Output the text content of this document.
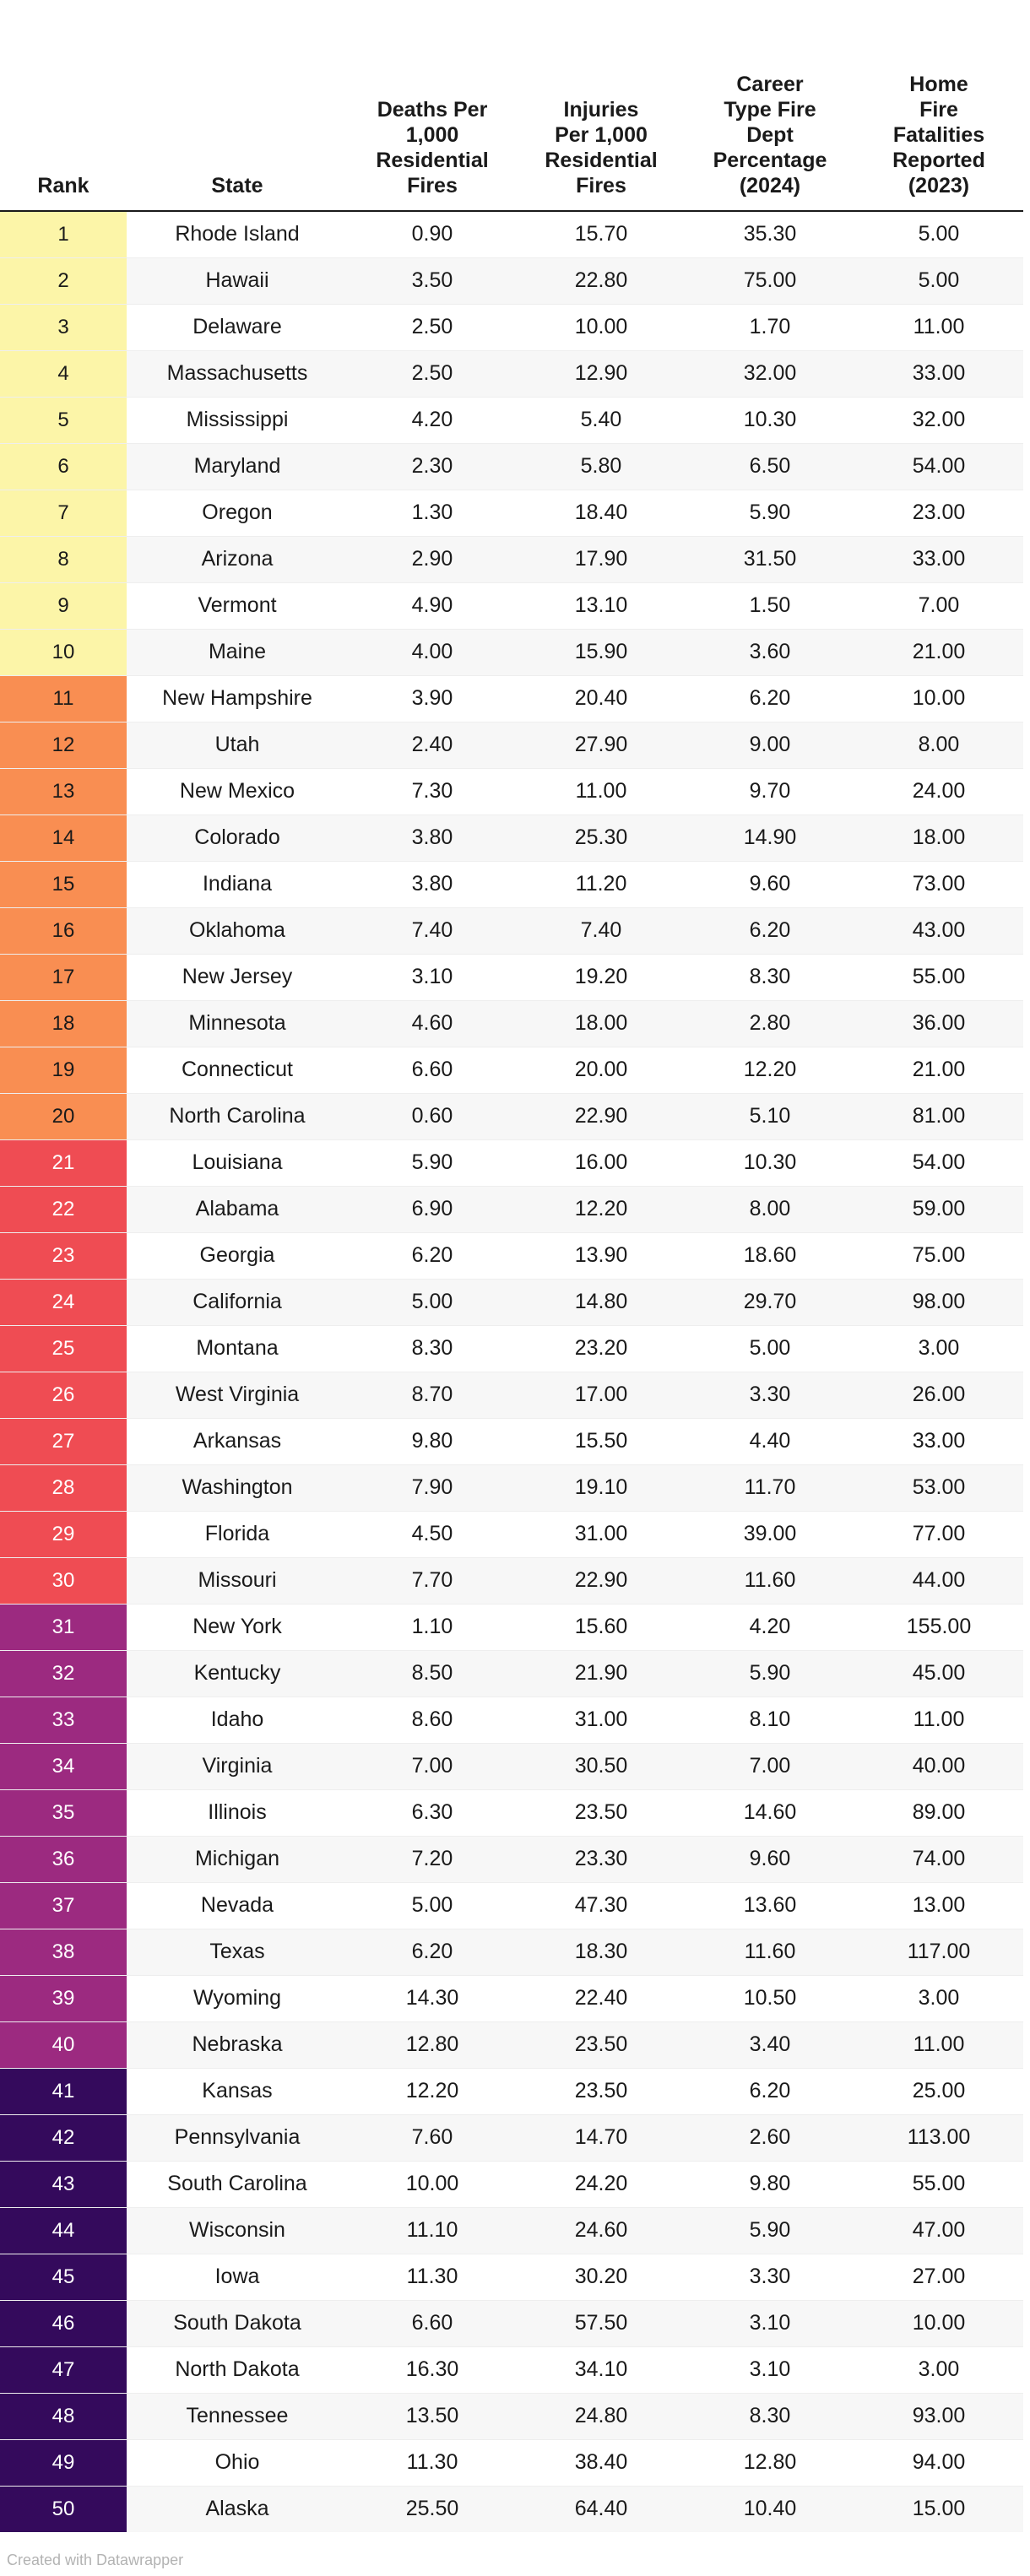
Rank	State	Deaths Per
1,000
Residential
Fires	Injuries
Per 1,000
Residential
Fires	Career
Type Fire
Dept
Percentage
(2024)	Home
Fire
Fatalities
Reported
(2023)
1	Rhode Island	0.90	15.70	35.30	5.00
2	Hawaii	3.50	22.80	75.00	5.00
3	Delaware	2.50	10.00	1.70	11.00
4	Massachusetts	2.50	12.90	32.00	33.00
5	Mississippi	4.20	5.40	10.30	32.00
6	Maryland	2.30	5.80	6.50	54.00
7	Oregon	1.30	18.40	5.90	23.00
8	Arizona	2.90	17.90	31.50	33.00
9	Vermont	4.90	13.10	1.50	7.00
10	Maine	4.00	15.90	3.60	21.00
11	New Hampshire	3.90	20.40	6.20	10.00
12	Utah	2.40	27.90	9.00	8.00
13	New Mexico	7.30	11.00	9.70	24.00
14	Colorado	3.80	25.30	14.90	18.00
15	Indiana	3.80	11.20	9.60	73.00
16	Oklahoma	7.40	7.40	6.20	43.00
17	New Jersey	3.10	19.20	8.30	55.00
18	Minnesota	4.60	18.00	2.80	36.00
19	Connecticut	6.60	20.00	12.20	21.00
20	North Carolina	0.60	22.90	5.10	81.00
21	Louisiana	5.90	16.00	10.30	54.00
22	Alabama	6.90	12.20	8.00	59.00
23	Georgia	6.20	13.90	18.60	75.00
24	California	5.00	14.80	29.70	98.00
25	Montana	8.30	23.20	5.00	3.00
26	West Virginia	8.70	17.00	3.30	26.00
27	Arkansas	9.80	15.50	4.40	33.00
28	Washington	7.90	19.10	11.70	53.00
29	Florida	4.50	31.00	39.00	77.00
30	Missouri	7.70	22.90	11.60	44.00
31	New York	1.10	15.60	4.20	155.00
32	Kentucky	8.50	21.90	5.90	45.00
33	Idaho	8.60	31.00	8.10	11.00
34	Virginia	7.00	30.50	7.00	40.00
35	Illinois	6.30	23.50	14.60	89.00
36	Michigan	7.20	23.30	9.60	74.00
37	Nevada	5.00	47.30	13.60	13.00
38	Texas	6.20	18.30	11.60	117.00
39	Wyoming	14.30	22.40	10.50	3.00
40	Nebraska	12.80	23.50	3.40	11.00
41	Kansas	12.20	23.50	6.20	25.00
42	Pennsylvania	7.60	14.70	2.60	113.00
43	South Carolina	10.00	24.20	9.80	55.00
44	Wisconsin	11.10	24.60	5.90	47.00
45	Iowa	11.30	30.20	3.30	27.00
46	South Dakota	6.60	57.50	3.10	10.00
47	North Dakota	16.30	34.10	3.10	3.00
48	Tennessee	13.50	24.80	8.30	93.00
49	Ohio	11.30	38.40	12.80	94.00
50	Alaska	25.50	64.40	10.40	15.00
Created with Datawrapper
